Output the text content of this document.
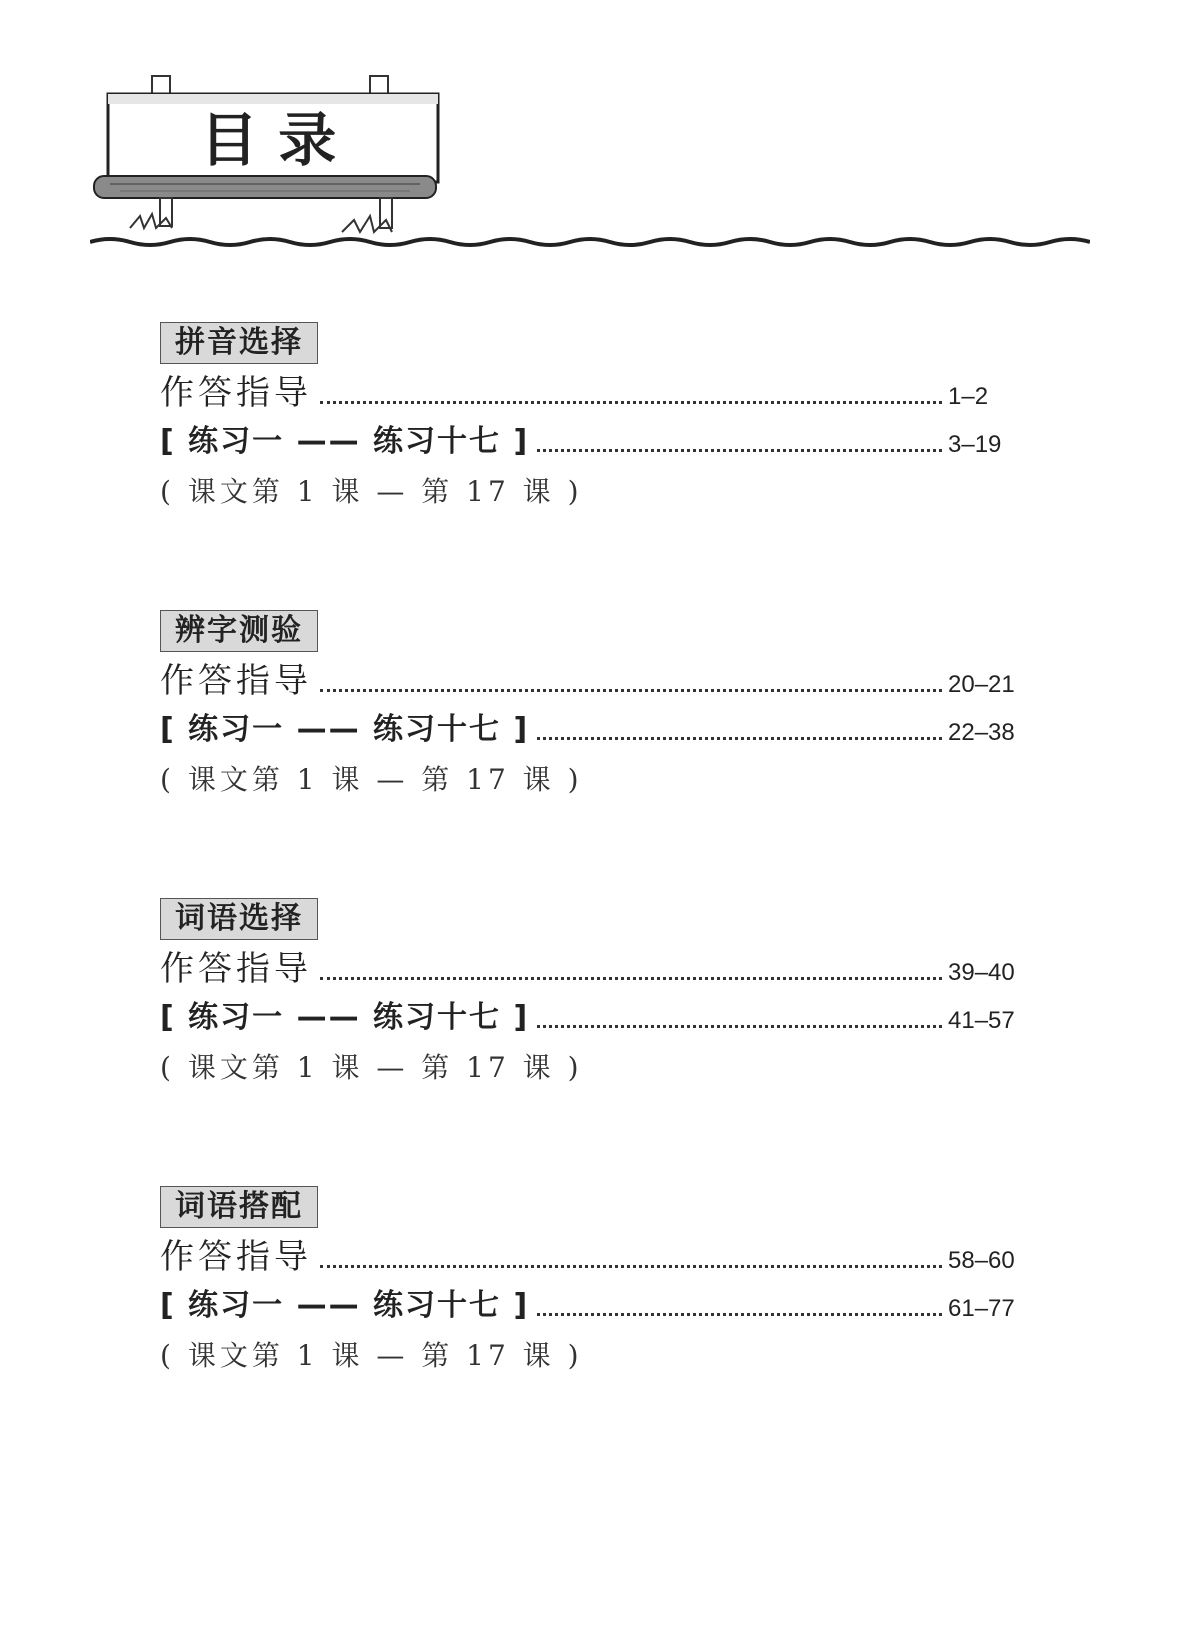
目 录
拼音选择
作答指导	1–2
[ 练习一 —— 练习十七 ]	3–19
( 课文第 1 课 — 第 17 课 )
辨字测验
作答指导	20–21
[ 练习一 —— 练习十七 ]	22–38
( 课文第 1 课 — 第 17 课 )
词语选择
作答指导	39–40
[ 练习一 —— 练习十七 ]	41–57
( 课文第 1 课 — 第 17 课 )
词语搭配
作答指导	58–60
[ 练习一 —— 练习十七 ]	61–77
( 课文第 1 课 — 第 17 课 )
